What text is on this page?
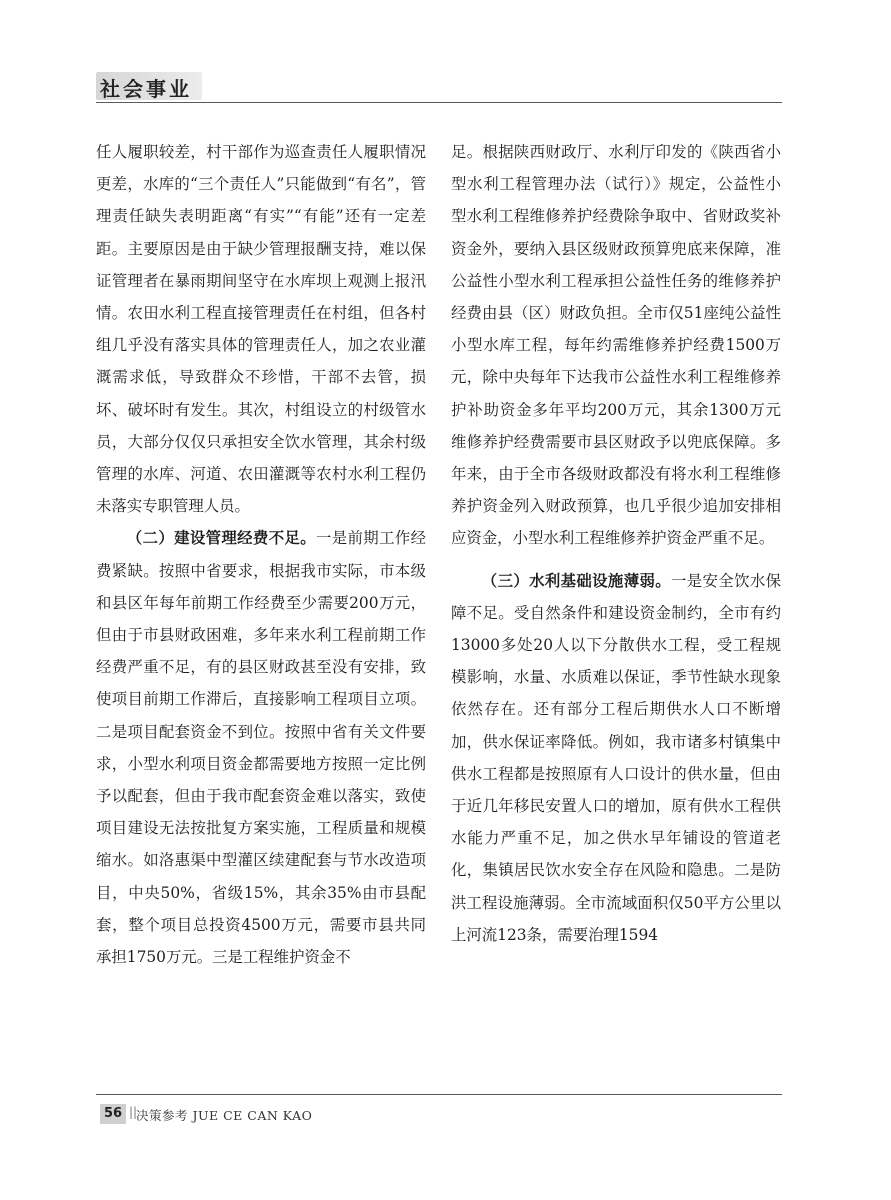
社会事业

任人履职较差，村干部作为巡查责任人履职情况更差，水库的“三个责任人”只能做到“有名”，管理责任缺失表明距离“有实”“有能”还有一定差距。主要原因是由于缺少管理报酬支持，难以保证管理者在暴雨期间坚守在水库坝上观测上报汛情。农田水利工程直接管理责任在村组，但各村组几乎没有落实具体的管理责任人，加之农业灌溉需求低，导致群众不珍惜，干部不去管，损坏、破坏时有发生。其次，村组设立的村级管水员，大部分仅仅只承担安全饮水管理，其余村级管理的水库、河道、农田灌溉等农村水利工程仍未落实专职管理人员。

（二）建设管理经费不足。一是前期工作经费紧缺。按照中省要求，根据我市实际，市本级和县区年每年前期工作经费至少需要200万元，但由于市县财政困难，多年来水利工程前期工作经费严重不足，有的县区财政甚至没有安排，致使项目前期工作滞后，直接影响工程项目立项。二是项目配套资金不到位。按照中省有关文件要求，小型水利项目资金都需要地方按照一定比例予以配套，但由于我市配套资金难以落实，致使项目建设无法按批复方案实施，工程质量和规模缩水。如洛惠渠中型灌区续建配套与节水改造项目，中央50%，省级15%，其余35%由市县配套，整个项目总投资4500万元，需要市县共同承担1750万元。三是工程维护资金不

足。根据陕西财政厅、水利厅印发的《陕西省小型水利工程管理办法（试行）》规定，公益性小型水利工程维修养护经费除争取中、省财政奖补资金外，要纳入县区级财政预算兜底来保障，准公益性小型水利工程承担公益性任务的维修养护经费由县（区）财政负担。全市仅51座纯公益性小型水库工程，每年约需维修养护经费1500万元，除中央每年下达我市公益性水利工程维修养护补助资金多年平均200万元，其余1300万元维修养护经费需要市县区财政予以兜底保障。多年来，由于全市各级财政都没有将水利工程维修养护资金列入财政预算，也几乎很少追加安排相应资金，小型水利工程维修养护资金严重不足。

（三）水利基础设施薄弱。一是安全饮水保障不足。受自然条件和建设资金制约，全市有约13000多处20人以下分散供水工程，受工程规模影响，水量、水质难以保证，季节性缺水现象依然存在。还有部分工程后期供水人口不断增加，供水保证率降低。例如，我市诸多村镇集中供水工程都是按照原有人口设计的供水量，但由于近几年移民安置人口的增加，原有供水工程供水能力严重不足，加之供水早年铺设的管道老化，集镇居民饮水安全存在风险和隐患。二是防洪工程设施薄弱。全市流域面积仅50平方公里以上河流123条，需要治理1594

56 ||
决策参考 JUE CE CAN KAO
